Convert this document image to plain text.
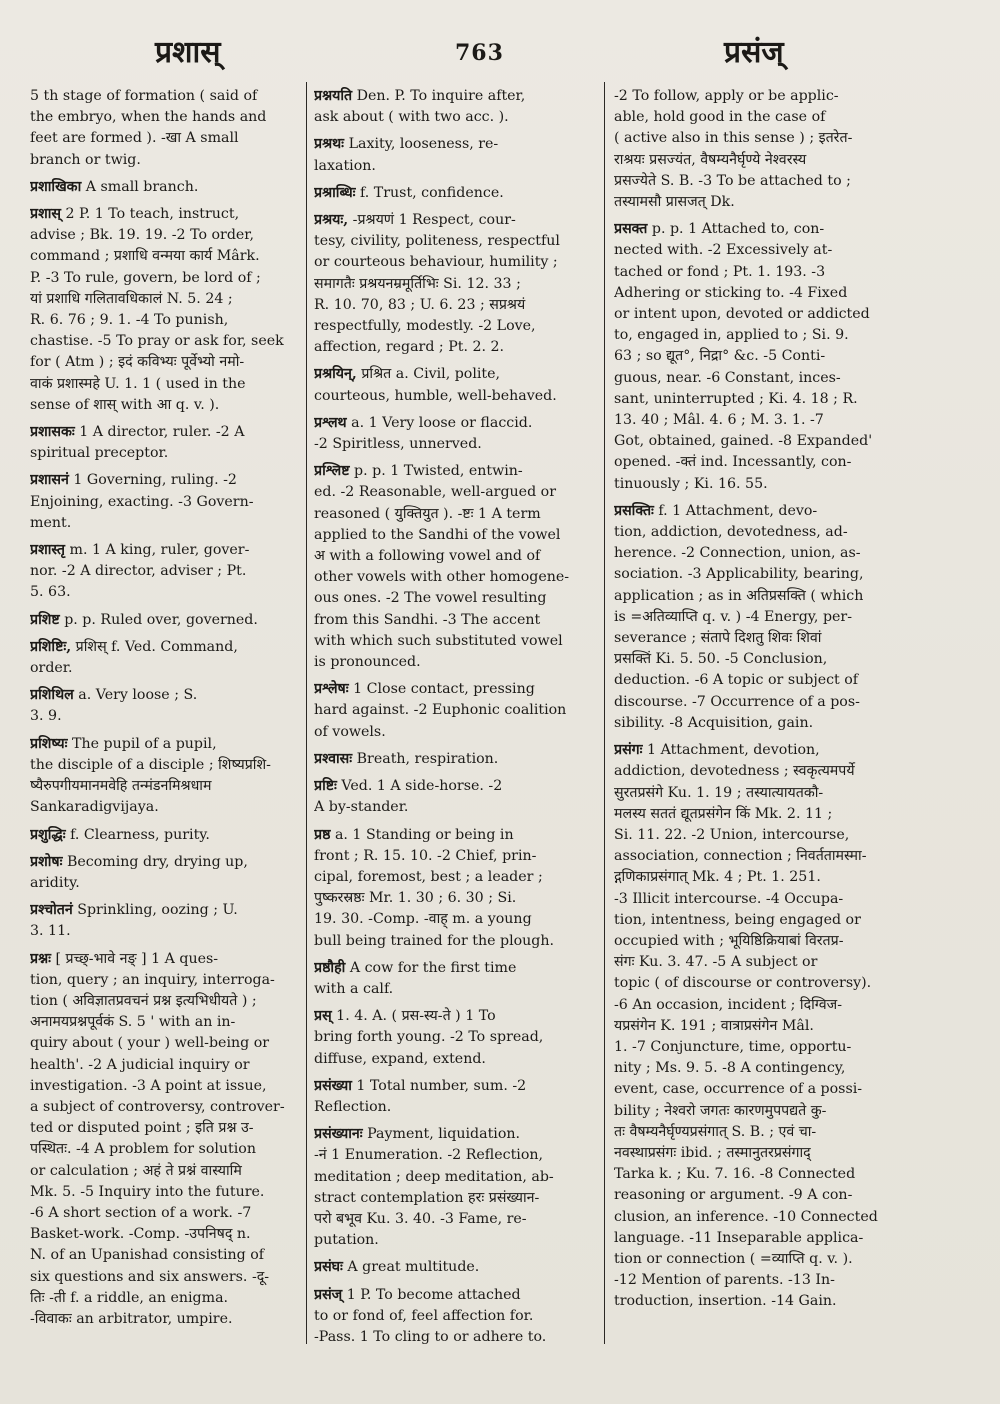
प्रशास्	763	प्रसंज्
5 th stage of formation ( said of
the embryo, when the hands and
feet are formed ). -खा A small
branch or twig.
प्रशाखिका A small branch.
प्रशास् 2 P. 1 To teach, instruct,
advise ; Bk. 19. 19. -2 To order,
command ; प्रशाधि वन्मया कार्य Mârk.
P. -3 To rule, govern, be lord of ;
यां प्रशाधि गलितावधिकालं N. 5. 24 ;
R. 6. 76 ; 9. 1. -4 To punish,
chastise. -5 To pray or ask for, seek
for ( Atm ) ; इदं कविभ्यः पूर्वेभ्यो नमो-
वाकं प्रशास्महे U. 1. 1 ( used in the
sense of शास् with आ q. v. ).
प्रशासकः 1 A director, ruler. -2 A
spiritual preceptor.
प्रशासनं 1 Governing, ruling. -2
Enjoining, exacting. -3 Govern-
ment.
प्रशास्तृ m. 1 A king, ruler, gover-
nor. -2 A director, adviser ; Pt.
5. 63.
प्रशिष्ट p. p. Ruled over, governed.
प्रशिष्टिः, प्रशिस् f. Ved. Command,
order.
प्रशिथिल a. Very loose ; S.
3. 9.
प्रशिष्यः The pupil of a pupil,
the disciple of a disciple ; शिष्यप्रशि-
ष्यैरुपगीयमानमवेहि तन्मंडनमिश्रधाम
Sankaradigvijaya.
प्रशुद्धिः f. Clearness, purity.
प्रशोषः Becoming dry, drying up,
aridity.
प्रश्चोतनं Sprinkling, oozing ; U.
3. 11.
प्रश्नः [ प्रच्छ्-भावे नङ् ] 1 A ques-
tion, query ; an inquiry, interroga-
tion ( अविज्ञातप्रवचनं प्रश्न इत्यभिधीयते ) ;
अनामयप्रश्नपूर्वकं S. 5 ' with an in-
quiry about ( your ) well-being or
health'. -2 A judicial inquiry or
investigation. -3 A point at issue,
a subject of controversy, controver-
ted or disputed point ; इति प्रश्न उ-
पस्थितः. -4 A problem for solution
or calculation ; अहं ते प्रश्नं वास्यामि
Mk. 5. -5 Inquiry into the future.
-6 A short section of a work. -7
Basket-work. -Comp. -उपनिषद् n.
N. of an Upanishad consisting of
six questions and six answers. -दू-
तिः -ती f. a riddle, an enigma.
-विवाकः an arbitrator, umpire.
प्रश्नयति Den. P. To inquire after,
ask about ( with two acc. ).
प्रश्रथः Laxity, looseness, re-
laxation.
प्रश्राब्धिः f. Trust, confidence.
प्रश्रयः, -प्रश्रयणं 1 Respect, cour-
tesy, civility, politeness, respectful
or courteous behaviour, humility ;
समागतैः प्रश्रयनम्रमूर्तिभिः Si. 12. 33 ;
R. 10. 70, 83 ; U. 6. 23 ; सप्रश्रयं
respectfully, modestly. -2 Love,
affection, regard ; Pt. 2. 2.
प्रश्रयिन्, प्रश्रित a. Civil, polite,
courteous, humble, well-behaved.
प्रश्लथ a. 1 Very loose or flaccid.
-2 Spiritless, unnerved.
प्रश्लिष्ट p. p. 1 Twisted, entwin-
ed. -2 Reasonable, well-argued or
reasoned ( युक्तियुत ). -ष्टः 1 A term
applied to the Sandhi of the vowel
अ with a following vowel and of
other vowels with other homogene-
ous ones. -2 The vowel resulting
from this Sandhi. -3 The accent
with which such substituted vowel
is pronounced.
प्रश्लेषः 1 Close contact, pressing
hard against. -2 Euphonic coalition
of vowels.
प्रश्वासः Breath, respiration.
प्रष्टिः Ved. 1 A side-horse. -2
A by-stander.
प्रष्ठ a. 1 Standing or being in
front ; R. 15. 10. -2 Chief, prin-
cipal, foremost, best ; a leader ;
पुष्करस्रष्ठः Mr. 1. 30 ; 6. 30 ; Si.
19. 30. -Comp. -वाह् m. a young
bull being trained for the plough.
प्रष्ठौही A cow for the first time
with a calf.
प्रस् 1. 4. A. ( प्रस-स्य-ते ) 1 To
bring forth young. -2 To spread,
diffuse, expand, extend.
प्रसंख्या 1 Total number, sum. -2
Reflection.
प्रसंख्यानः Payment, liquidation.
-नं 1 Enumeration. -2 Reflection,
meditation ; deep meditation, ab-
stract contemplation हरः प्रसंख्यान-
परो बभूव Ku. 3. 40. -3 Fame, re-
putation.
प्रसंघः A great multitude.
प्रसंज् 1 P. To become attached
to or fond of, feel affection for.
-Pass. 1 To cling to or adhere to.
-2 To follow, apply or be applic-
able, hold good in the case of
( active also in this sense ) ; इतरेत-
राश्रयः प्रसज्यंत, वैषम्यनैर्घृण्ये नेश्वरस्य
प्रसज्येते S. B. -3 To be attached to ;
तस्यामसौ प्रासजत् Dk.
प्रसक्त p. p. 1 Attached to, con-
nected with. -2 Excessively at-
tached or fond ; Pt. 1. 193. -3
Adhering or sticking to. -4 Fixed
or intent upon, devoted or addicted
to, engaged in, applied to ; Si. 9.
63 ; so द्यूत°, निद्रा° &c. -5 Conti-
guous, near. -6 Constant, inces-
sant, uninterrupted ; Ki. 4. 18 ; R.
13. 40 ; Mâl. 4. 6 ; M. 3. 1. -7
Got, obtained, gained. -8 Expanded'
opened. -क्तं ind. Incessantly, con-
tinuously ; Ki. 16. 55.
प्रसक्तिः f. 1 Attachment, devo-
tion, addiction, devotedness, ad-
herence. -2 Connection, union, as-
sociation. -3 Applicability, bearing,
application ; as in अतिप्रसक्ति ( which
is =अतिव्याप्ति q. v. ) -4 Energy, per-
severance ; संतापे दिशतु शिवः शिवां
प्रसक्तिं Ki. 5. 50. -5 Conclusion,
deduction. -6 A topic or subject of
discourse. -7 Occurrence of a pos-
sibility. -8 Acquisition, gain.
प्रसंगः 1 Attachment, devotion,
addiction, devotedness ; स्वकृत्यमपर्ये
सुरतप्रसंगे Ku. 1. 19 ; तस्यात्यायतकौ-
मलस्य सततं द्यूतप्रसंगेन किं Mk. 2. 11 ;
Si. 11. 22. -2 Union, intercourse,
association, connection ; निवर्ततामस्मा-
द्गणिकाप्रसंगात् Mk. 4 ; Pt. 1. 251.
-3 Illicit intercourse. -4 Occupa-
tion, intentness, being engaged or
occupied with ; भूयिष्ठिक्रियाबां विरतप्र-
संगः Ku. 3. 47. -5 A subject or
topic ( of discourse or controversy).
-6 An occasion, incident ; दिग्विज-
यप्रसंगेन K. 191 ; वात्राप्रसंगेन Mâl.
1. -7 Conjuncture, time, opportu-
nity ; Ms. 9. 5. -8 A contingency,
event, case, occurrence of a possi-
bility ; नेश्वरो जगतः कारणमुपपद्यते कु-
तः वैषम्यनैर्घृण्यप्रसंगात् S. B. ; एवं चा-
नवस्थाप्रसंगः ibid. ; तस्मानुतरप्रसंगाद्
Tarka k. ; Ku. 7. 16. -8 Connected
reasoning or argument. -9 A con-
clusion, an inference. -10 Connected
language. -11 Inseparable applica-
tion or connection ( =व्याप्ति q. v. ).
-12 Mention of parents. -13 In-
troduction, insertion. -14 Gain.
